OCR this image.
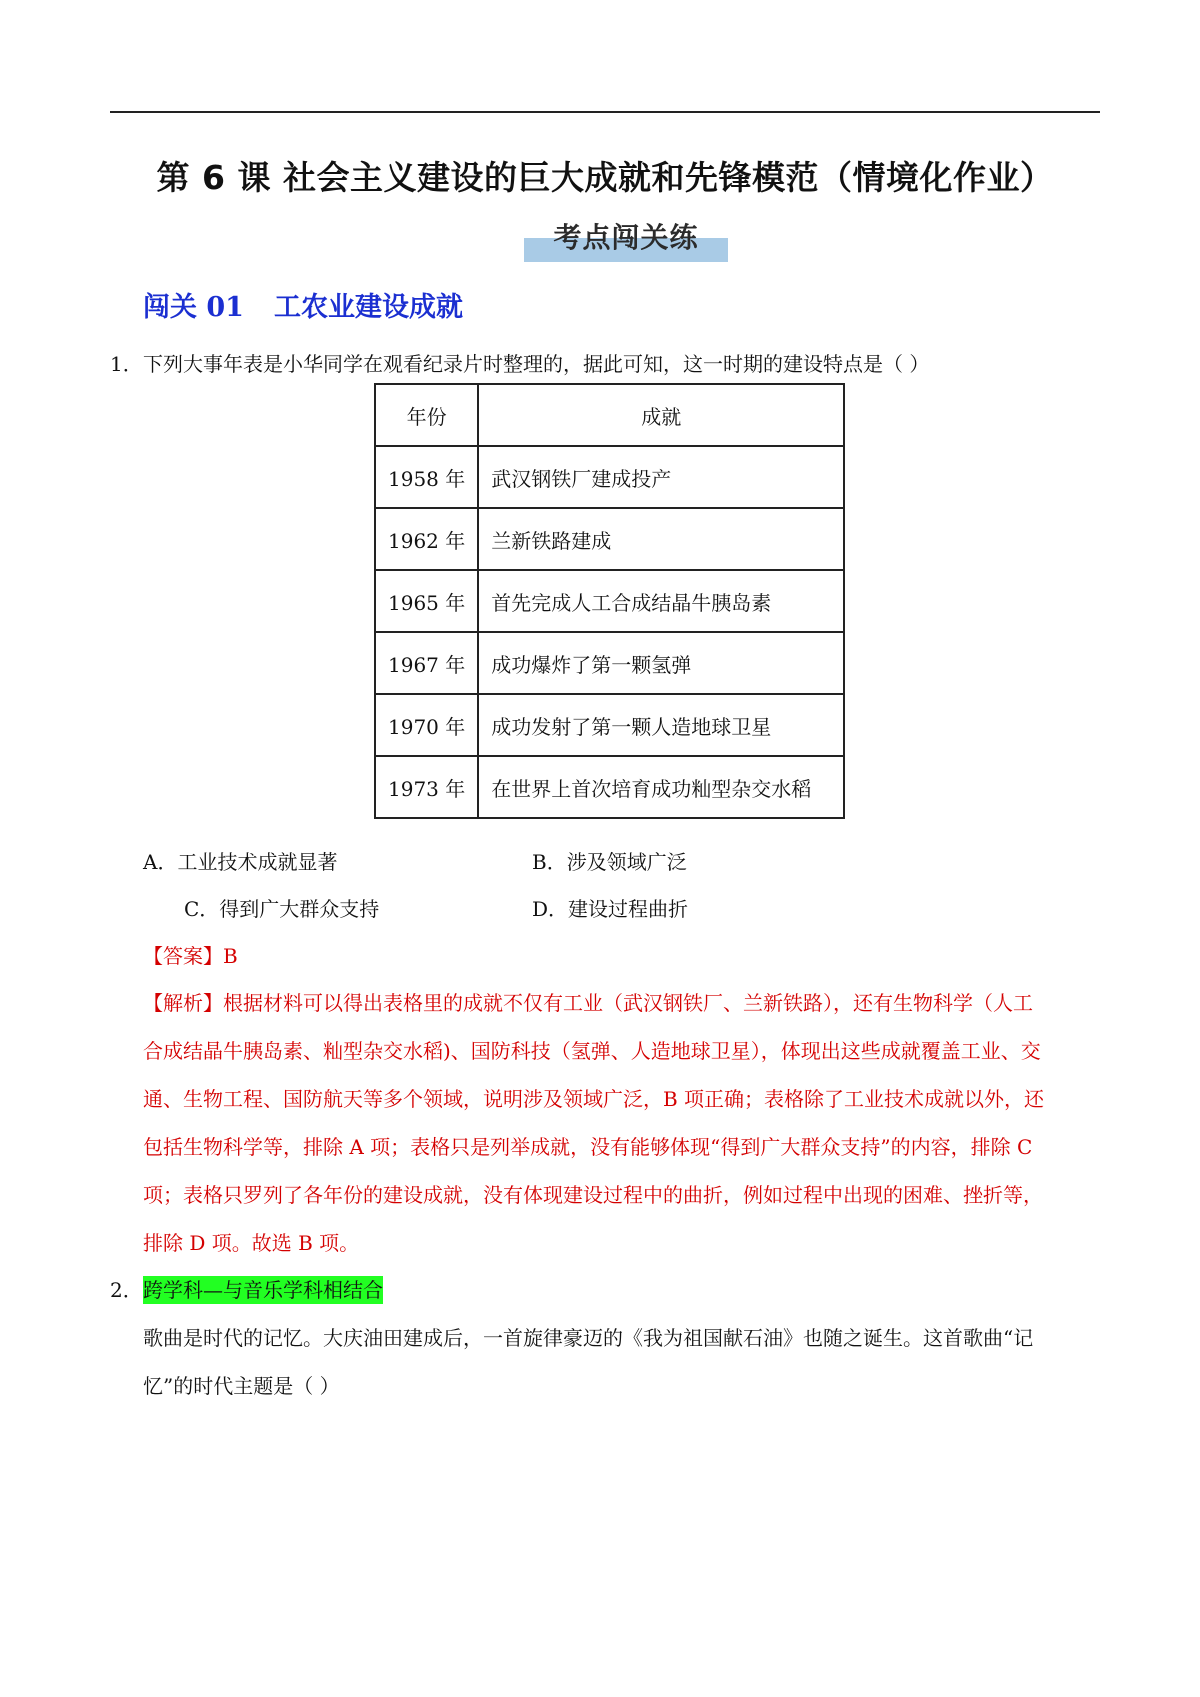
第 6 课 社会主义建设的巨大成就和先锋模范（情境化作业）
考点闯关练
闯关 01 工农业建设成就
1． 下列大事年表是小华同学在观看纪录片时整理的，据此可知，这一时期的建设特点是（ ）
年份	成就
1958 年	武汉钢铁厂建成投产
1962 年	兰新铁路建成
1965 年	首先完成人工合成结晶牛胰岛素
1967 年	成功爆炸了第一颗氢弹
1970 年	成功发射了第一颗人造地球卫星
1973 年	在世界上首次培育成功籼型杂交水稻
A．工业技术成就显著	B．涉及领域广泛
C．得到广大群众支持	D．建设过程曲折
【答案】B
【解析】根据材料可以得出表格里的成就不仅有工业（武汉钢铁厂、兰新铁路），还有生物科学（人工
合成结晶牛胰岛素、籼型杂交水稻)、国防科技（氢弹、人造地球卫星），体现出这些成就覆盖工业、交
通、生物工程、国防航天等多个领域，说明涉及领域广泛，B 项正确；表格除了工业技术成就以外，还
包括生物科学等，排除 A 项；表格只是列举成就，没有能够体现“得到广大群众支持”的内容，排除 C
项；表格只罗列了各年份的建设成就，没有体现建设过程中的曲折，例如过程中出现的困难、挫折等，
排除 D 项。故选 B 项。
2． 跨学科—与音乐学科相结合
歌曲是时代的记忆。大庆油田建成后，一首旋律豪迈的《我为祖国献石油》也随之诞生。这首歌曲“记
忆”的时代主题是（ ）
